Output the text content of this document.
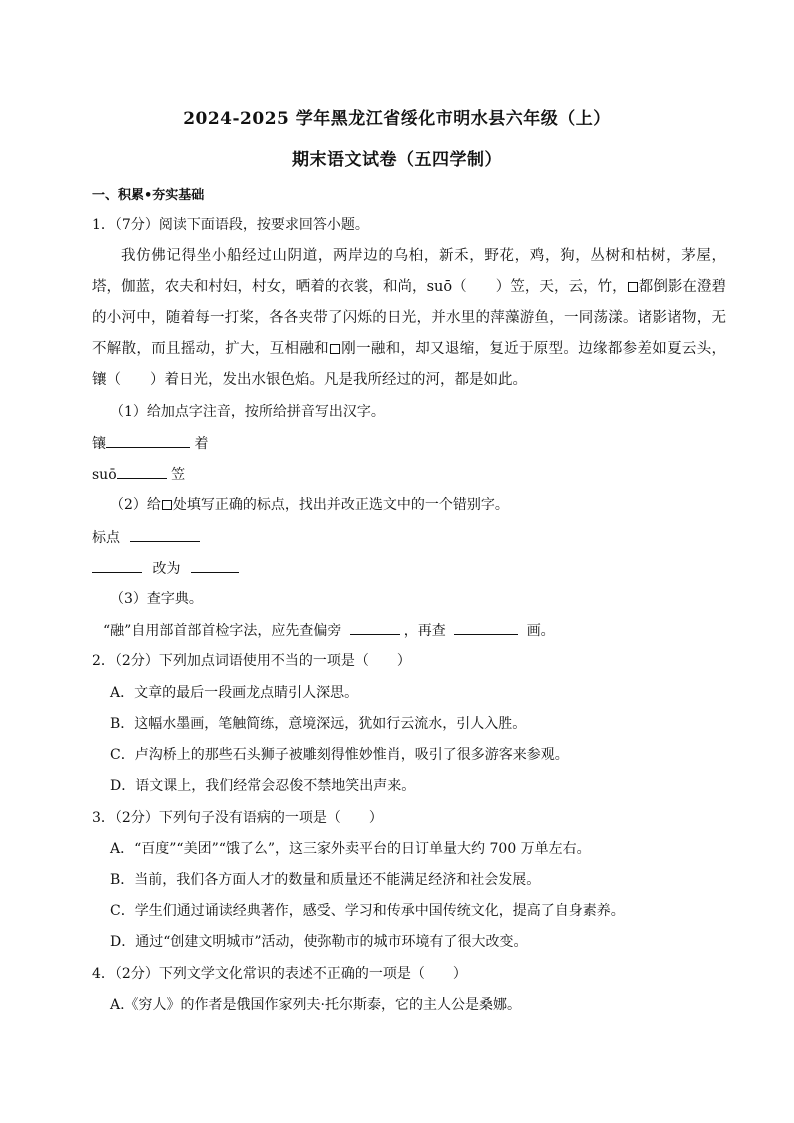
2024-2025 学年黑龙江省绥化市明水县六年级（上）
期末语文试卷（五四学制）
一、积累•夯实基础
1．（7分）阅读下面语段，按要求回答小题。
我仿佛记得坐小船经过山阴道，两岸边的乌桕，新禾，野花，鸡，狗，丛树和枯树，茅屋，塔，伽蓝，农夫和村妇，村女，晒着的衣裳，和尚，suō（　　）笠，天，云，竹， 都倒影在澄碧的小河中，随着每一打桨，各各夹带了闪烁的日光，并水里的萍藻游鱼，一同荡漾。诸影诸物，无不解散，而且摇动，扩大，互相融和 刚一融和，却又退缩，复近于原型。边缘都参差如夏云头，镶（　　）着日光，发出水银色焰。凡是我所经过的河，都是如此。
（1）给加点字注音，按所给拼音写出汉字。
镶	着
suō	笠
（2）给 处填写正确的标点，找出并改正选文中的一个错别字。
标点
改为
（3）查字典。
“融”自用部首部首检字法，应先查偏旁	，再查	画。
2．（2分）下列加点词语使用不当的一项是（　　）
A．文章的最后一段画龙点睛引人深思。
B．这幅水墨画，笔触简练，意境深远，犹如行云流水，引人入胜。
C．卢沟桥上的那些石头狮子被雕刻得惟妙惟肖，吸引了很多游客来参观。
D．语文课上，我们经常会忍俊不禁地笑出声来。
3．（2分）下列句子没有语病的一项是（　　）
A．“百度”“美团”“饿了么”，这三家外卖平台的日订单量大约 700 万单左右。
B．当前，我们各方面人才的数量和质量还不能满足经济和社会发展。
C．学生们通过诵读经典著作，感受、学习和传承中国传统文化，提高了自身素养。
D．通过“创建文明城市”活动，使弥勒市的城市环境有了很大改变。
4．（2分）下列文学文化常识的表述不正确的一项是（　　）
A.《穷人》的作者是俄国作家列夫·托尔斯泰，它的主人公是桑娜。
